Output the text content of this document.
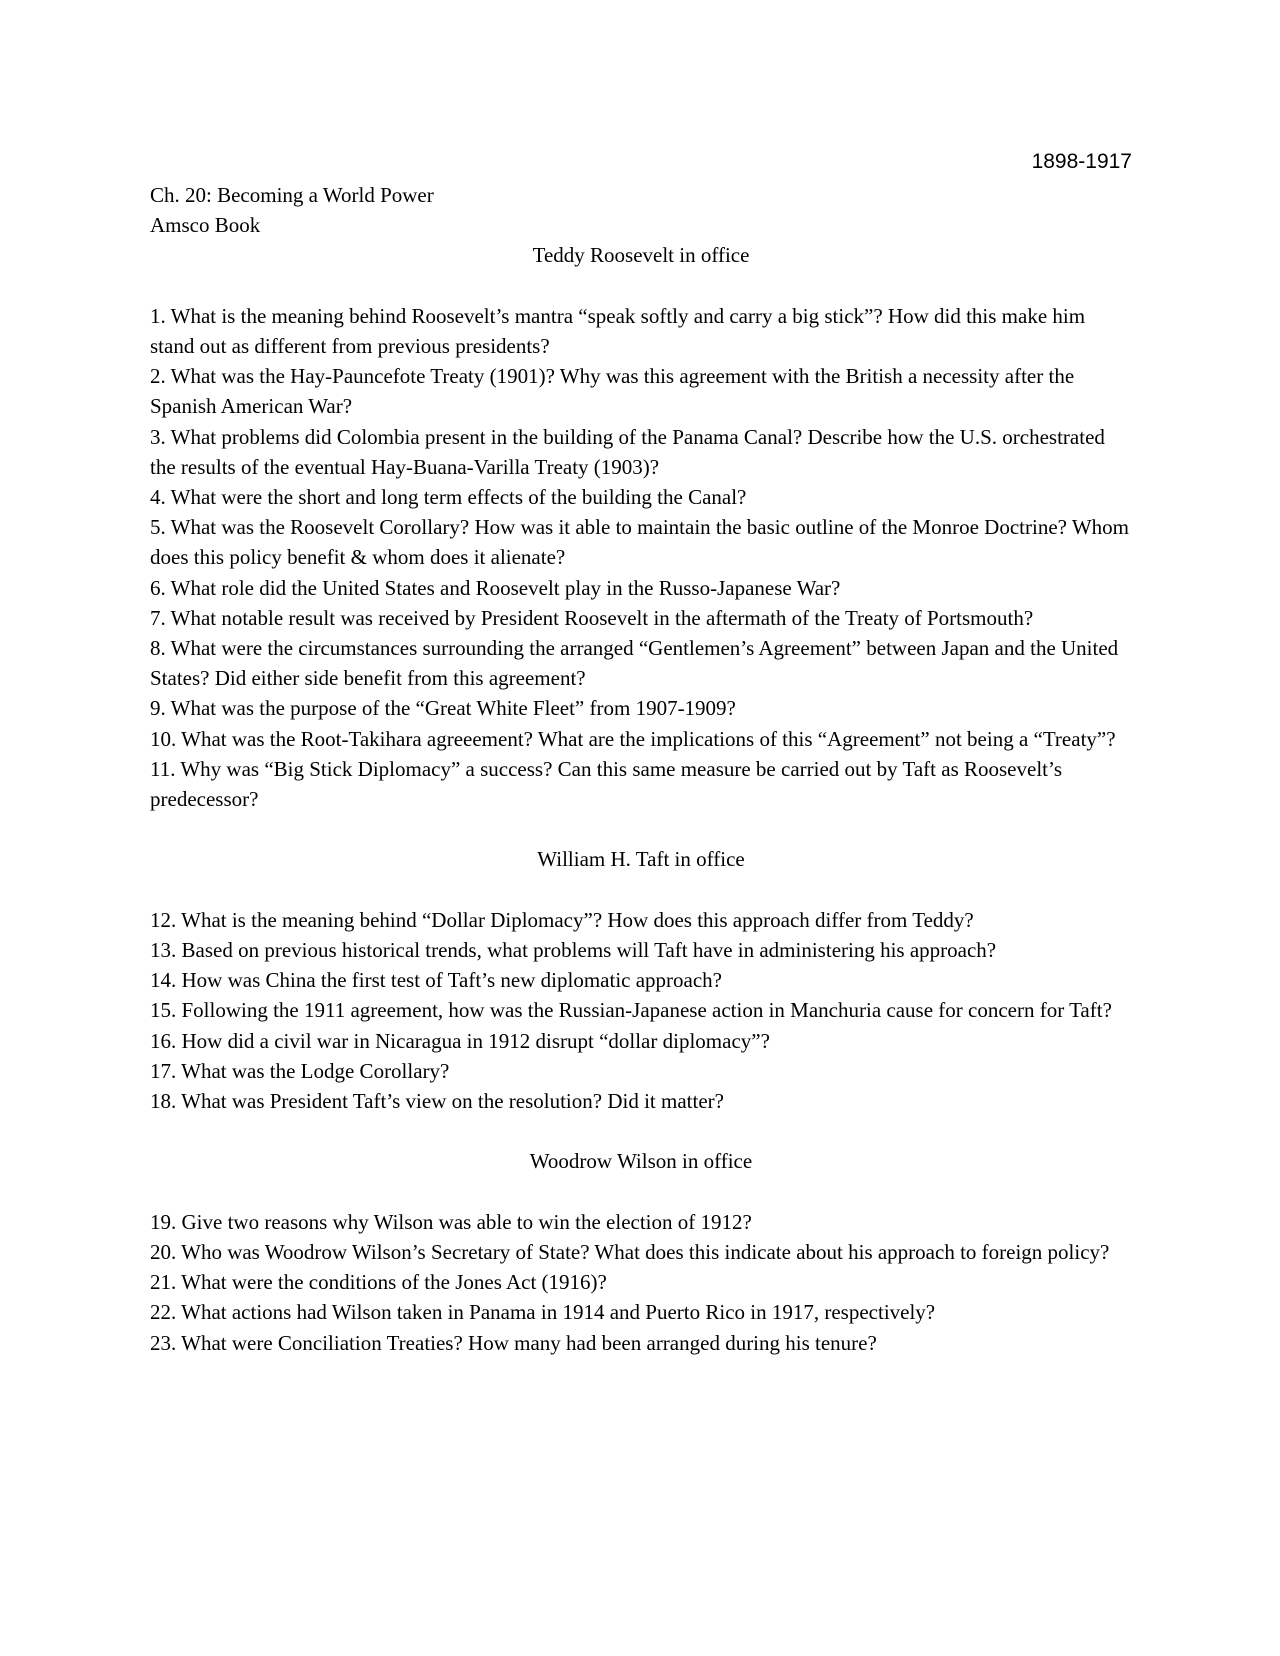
1898-1917
Ch. 20: Becoming a World Power
Amsco Book
Teddy Roosevelt in office
1. What is the meaning behind Roosevelt’s mantra “speak softly and carry a big stick”? How did this make him stand out as different from previous presidents?
2. What was the Hay-Pauncefote Treaty (1901)? Why was this agreement with the British a necessity after the Spanish American War?
3. What problems did Colombia present in the building of the Panama Canal? Describe how the U.S. orchestrated the results of the eventual Hay-Buana-Varilla Treaty (1903)?
4. What were the short and long term effects of the building the Canal?
5. What was the Roosevelt Corollary? How was it able to maintain the basic outline of the Monroe Doctrine? Whom does this policy benefit & whom does it alienate?
6. What role did the United States and Roosevelt play in the Russo-Japanese War?
7. What notable result was received by President Roosevelt in the aftermath of the Treaty of Portsmouth?
8. What were the circumstances surrounding the arranged “Gentlemen’s Agreement” between Japan and the United States? Did either side benefit from this agreement?
9. What was the purpose of the “Great White Fleet” from 1907-1909?
10. What was the Root-Takihara agreeement? What are the implications of this “Agreement” not being a “Treaty”?
11. Why was “Big Stick Diplomacy” a success? Can this same measure be carried out by Taft as Roosevelt’s predecessor?
William H. Taft in office
12. What is the meaning behind “Dollar Diplomacy”? How does this approach differ from Teddy?
13. Based on previous historical trends, what problems will Taft have in administering his approach?
14. How was China the first test of Taft’s new diplomatic approach?
15. Following the 1911 agreement, how was the Russian-Japanese action in Manchuria cause for concern for Taft?
16. How did a civil war in Nicaragua in 1912 disrupt “dollar diplomacy”?
17. What was the Lodge Corollary?
18. What was President Taft’s view on the resolution? Did it matter?
Woodrow Wilson in office
19. Give two reasons why Wilson was able to win the election of 1912?
20. Who was Woodrow Wilson’s Secretary of State? What does this indicate about his approach to foreign policy?
21. What were the conditions of the Jones Act (1916)?
22. What actions had Wilson taken in Panama in 1914 and Puerto Rico in 1917, respectively?
23. What were Conciliation Treaties? How many had been arranged during his tenure?
